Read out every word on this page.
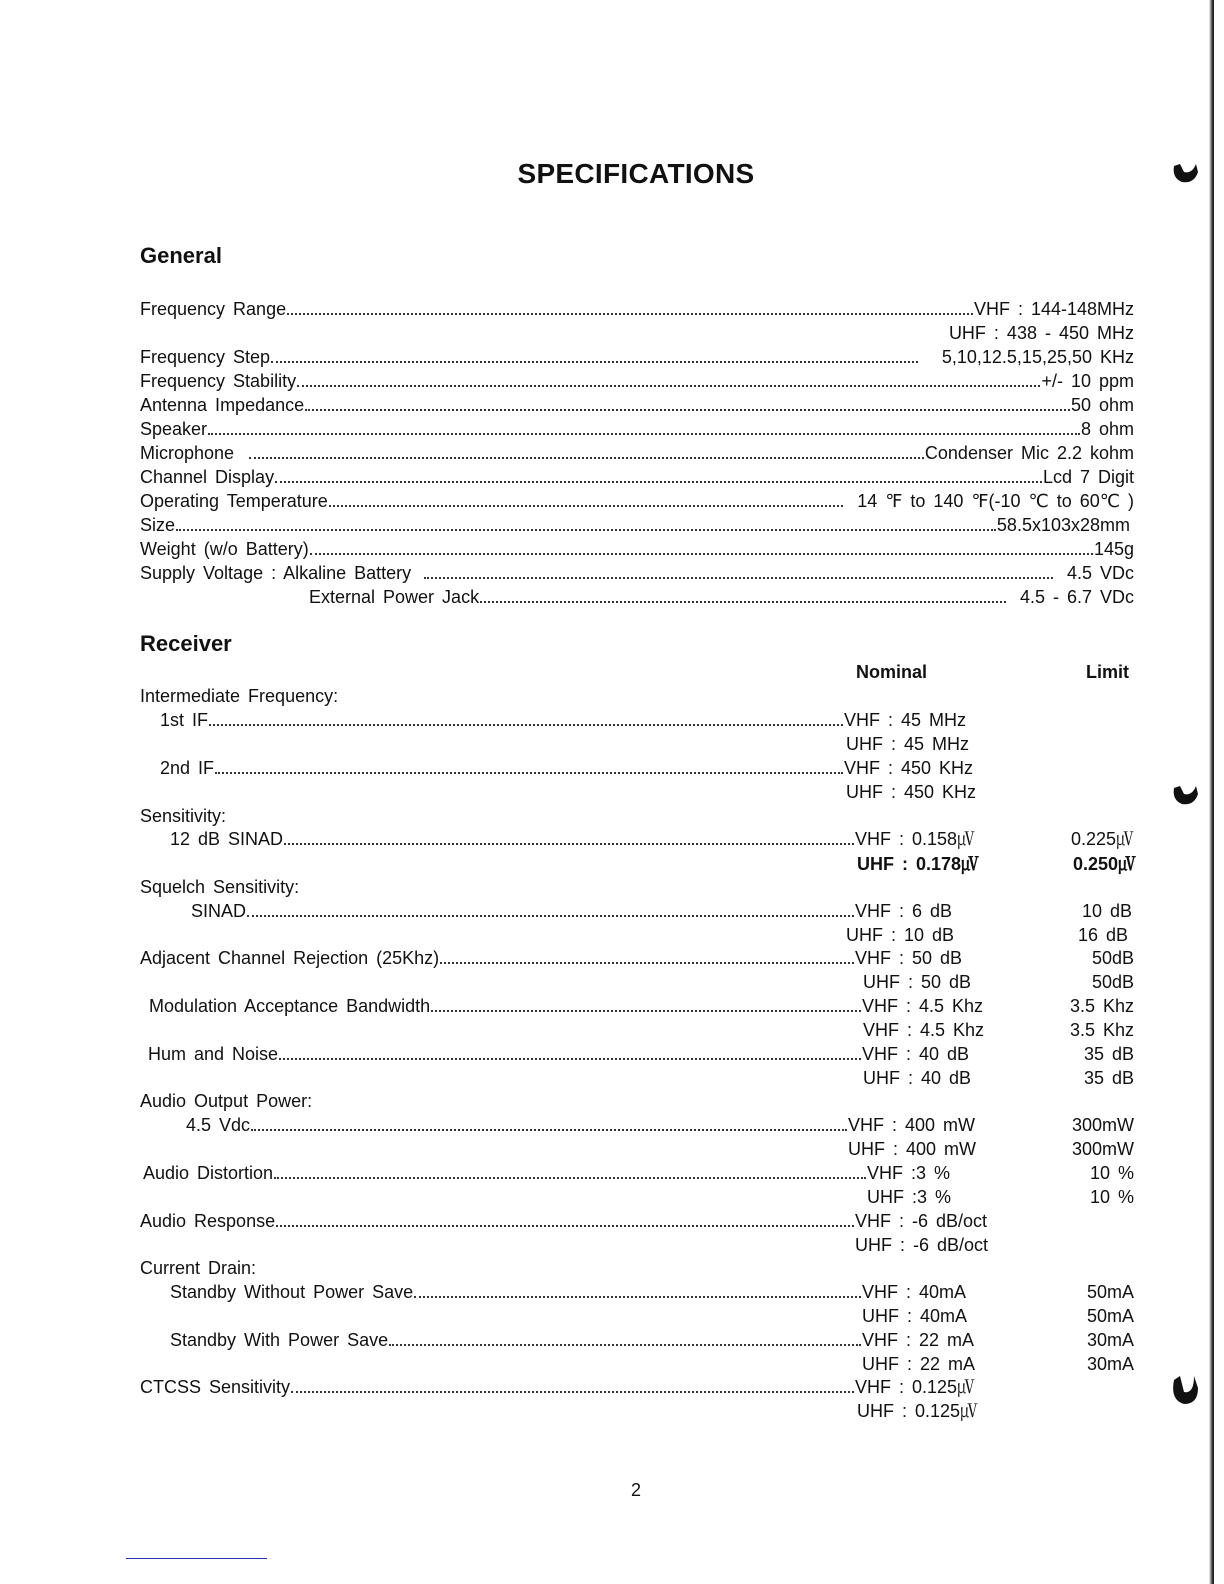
SPECIFICATIONS
General
Frequency Range	VHF : 144-148MHz
UHF : 438 - 450 MHz
Frequency Step	5,10,12.5,15,25,50 KHz
Frequency Stability	+/- 10 ppm
Antenna Impedance	50 ohm
Speaker	8 ohm
Microphone	Condenser Mic 2.2 kohm
Channel Display	Lcd 7 Digit
Operating Temperature	14 ℉ to 140 ℉(-10 ℃ to 60℃ )
Size	58.5x103x28mm
Weight (w/o Battery)	145g
Supply Voltage : Alkaline Battery	4.5 VDc
External Power Jack	4.5 - 6.7 VDc
Receiver
Nominal	Limit
Intermediate Frequency:
1st IF	VHF : 45 MHz
UHF : 45 MHz
2nd IF	VHF : 450 KHz
UHF : 450 KHz
Sensitivity:
12 dB SINAD	VHF : 0.158㎶	0.225㎶
UHF : 0.178㎶	0.250㎶
Squelch Sensitivity:
SINAD	VHF : 6 dB	10 dB
UHF : 10 dB	16 dB
Adjacent Channel Rejection (25Khz)	VHF : 50 dB	50dB
UHF : 50 dB	50dB
Modulation Acceptance Bandwidth	VHF : 4.5 Khz	3.5 Khz
VHF : 4.5 Khz	3.5 Khz
Hum and Noise	VHF : 40 dB	35 dB
UHF : 40 dB	35 dB
Audio Output Power:
4.5 Vdc	VHF : 400 mW	300mW
UHF : 400 mW	300mW
Audio Distortion	VHF :3 %	10 %
UHF :3 %	10 %
Audio Response	VHF : -6 dB/oct
UHF : -6 dB/oct
Current Drain:
Standby Without Power Save	VHF : 40mA	50mA
UHF : 40mA	50mA
Standby With Power Save	VHF : 22 mA	30mA
UHF : 22 mA	30mA
CTCSS Sensitivity	VHF : 0.125㎶
UHF : 0.125㎶
2
